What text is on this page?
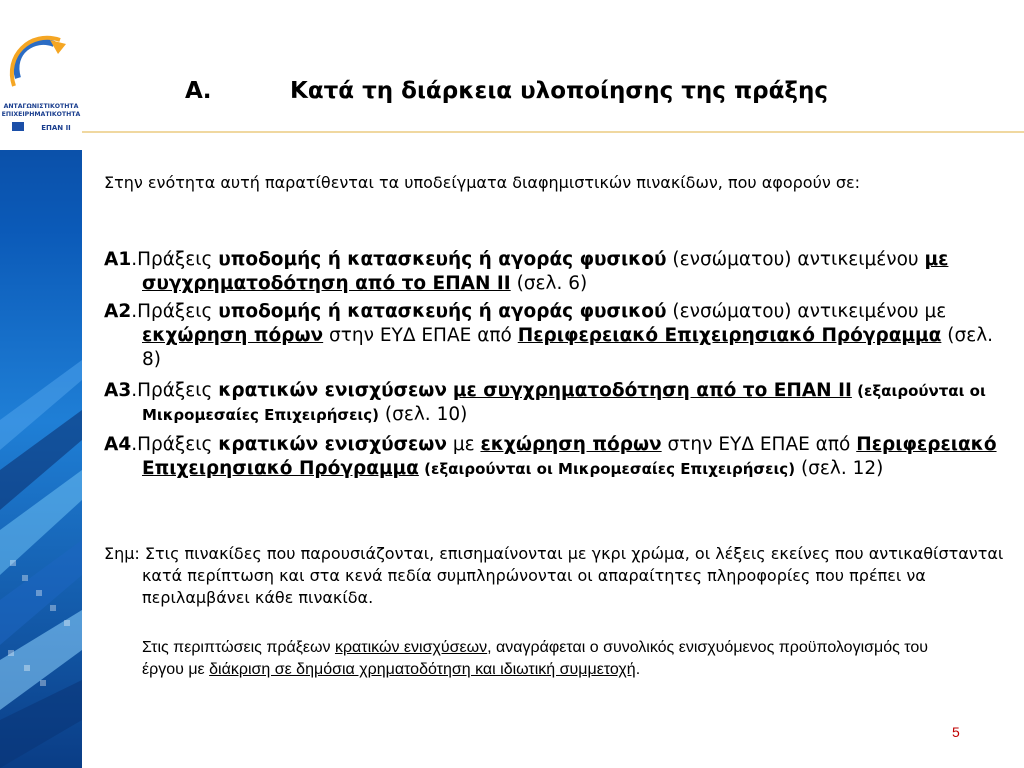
ΑΝΤΑΓΩΝΙΣΤΙΚΟΤΗΤΑ
ΕΠΙΧΕΙΡΗΜΑΤΙΚΟΤΗΤΑ
ΕΠΑΝ II
Α.	Κατά τη διάρκεια υλοποίησης της πράξης
Στην ενότητα αυτή παρατίθενται τα υποδείγματα διαφημιστικών πινακίδων, που αφορούν σε:
Α1.Πράξεις υποδομής ή κατασκευής ή αγοράς φυσικού (ενσώματου) αντικειμένου με συγχρηματοδότηση από το ΕΠΑΝ ΙΙ (σελ. 6)
Α2.Πράξεις υποδομής ή κατασκευής ή αγοράς φυσικού (ενσώματου) αντικειμένου με εκχώρηση πόρων στην ΕΥΔ ΕΠΑΕ από Περιφερειακό Επιχειρησιακό Πρόγραμμα (σελ. 8)
Α3.Πράξεις κρατικών ενισχύσεων με συγχρηματοδότηση από το ΕΠΑΝ ΙΙ (εξαιρούνται οι Μικρομεσαίες Επιχειρήσεις) (σελ. 10)
Α4.Πράξεις κρατικών ενισχύσεων με εκχώρηση πόρων στην ΕΥΔ ΕΠΑΕ από Περιφερειακό Επιχειρησιακό Πρόγραμμα (εξαιρούνται οι Μικρομεσαίες Επιχειρήσεις) (σελ. 12)
Σημ: Στις πινακίδες που παρουσιάζονται, επισημαίνονται με γκρι χρώμα, οι λέξεις εκείνες που αντικαθίστανται κατά περίπτωση και στα κενά πεδία συμπληρώνονται οι απαραίτητες πληροφορίες που πρέπει να περιλαμβάνει κάθε πινακίδα.
Στις περιπτώσεις πράξεων κρατικών ενισχύσεων, αναγράφεται ο συνολικός ενισχυόμενος προϋπολογισμός του έργου με διάκριση σε δημόσια χρηματοδότηση και ιδιωτική συμμετοχή.
5
